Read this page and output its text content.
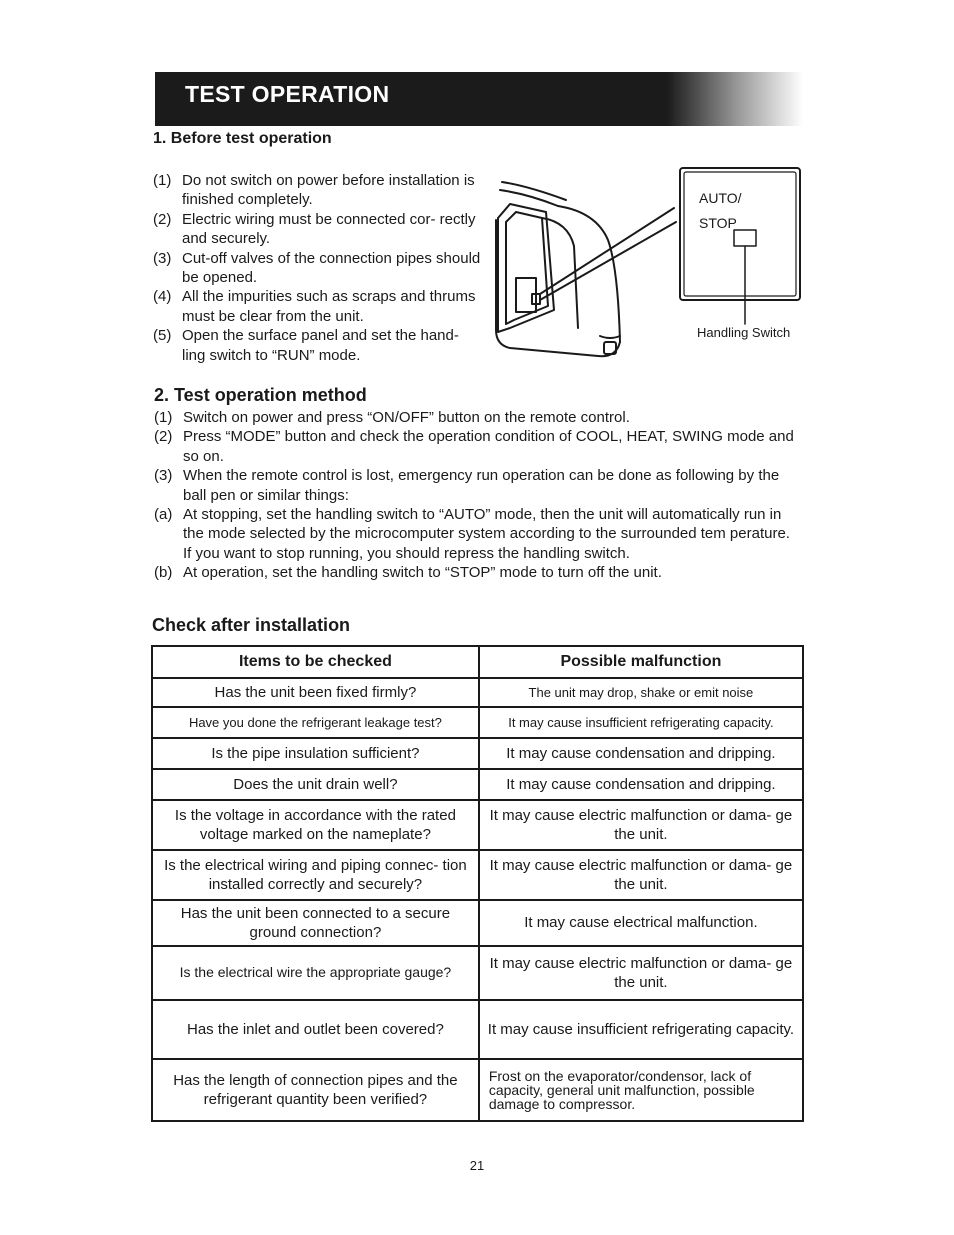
TEST OPERATION
1. Before test operation
(1) Do not switch on power before installation is finished completely.
(2) Electric wiring must be connected cor- rectly and securely.
(3) Cut-off valves of the connection pipes should be opened.
(4) All the impurities such as scraps and thrums must be clear from the unit.
(5) Open the surface panel and set the hand- ling switch to “RUN” mode.
AUTO/
STOP
Handling Switch
2. Test operation method
(1) Switch on power and press “ON/OFF” button on the remote control.
(2) Press “MODE” button and check the operation condition of COOL, HEAT, SWING mode and so on.
(3) When the remote control is lost, emergency run operation can be done as following by the ball pen or similar things:
(a) At stopping, set the handling switch to “AUTO” mode, then the unit will automatically run in the mode selected by the microcomputer system according to the surrounded tem perature. If you want to stop running, you should repress the handling switch.
(b) At operation, set the handling switch to “STOP” mode to turn off the unit.
Check after installation
Items to be checked	Possible malfunction
Has the unit been fixed firmly?	The unit may drop, shake or emit noise
Have you done the refrigerant leakage test?	It may cause insufficient refrigerating capacity.
Is the pipe insulation sufficient?	It may cause condensation and dripping.
Does the unit drain well?	It may cause condensation and dripping.
Is the voltage in accordance with the rated voltage marked on the nameplate?	It may cause electric malfunction or dama- ge the unit.
Is the electrical wiring and piping connec- tion installed correctly and securely?	It may cause electric malfunction or dama- ge the unit.
Has the unit been connected to a secure ground connection?	It may cause electrical malfunction.
Is the electrical wire the appropriate gauge?	It may cause electric malfunction or dama- ge the unit.
Has the inlet and outlet been covered?	It may cause insufficient refrigerating capacity.
Has the length of connection pipes and the refrigerant quantity been verified?	Frost on the evaporator/condensor, lack of capacity, general unit malfunction, possible damage to compressor.
21
